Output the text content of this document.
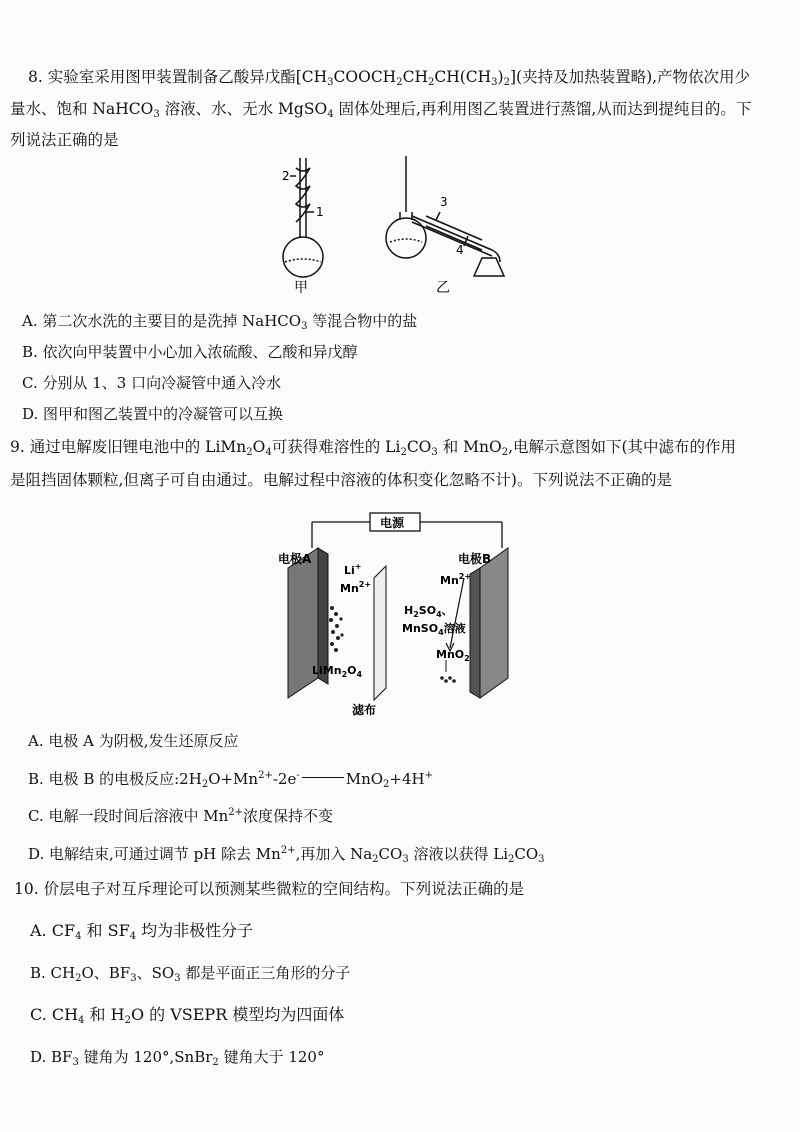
8. 实验室采用图甲装置制备乙酸异戊酯$[CH_3COOCH_2CH_2CH(CH_3)_2]$(夹持及加热装置略),产物依次用少
量水、饱和 NaHCO$_3$ 溶液、水、无水 MgSO$_4$ 固体处理后,再利用图乙装置进行蒸馏,从而达到提纯目的。下
列说法正确的是
2
1
3
4
甲	乙
A. 第二次水洗的主要目的是洗掉 NaHCO$_3$ 等混合物中的盐
B. 依次向甲装置中小心加入浓硫酸、乙酸和异戊醇
C. 分别从 1、3 口向冷凝管中通入冷水
D. 图甲和图乙装置中的冷凝管可以互换
9. 通过电解废旧锂电池中的 $LiMn_2O_4$可获得难溶性的 $Li_2CO_3$ 和 MnO$_2$,电解示意图如下(其中滤布的作用
是阻挡固体颗粒,但离子可自由通过。电解过程中溶液的体积变化忽略不计)。下列说法不正确的是
电源
电极A	电极B
Li+
$Mn^{2+}$	$Mn^{2+}$
$H_2SO_4$、
MnSO$_4$溶液
MnO$_2$
$LiMn_2O_4$
滤布
A. 电极 A 为阴极,发生还原反应
B. 电极 B 的电极反应$:2H_2O+Mn^{2+}-2e^-$	MnO$_2$+4H+
C. 电解一段时间后溶液中 $Mn^{2+}$浓度保持不变
D. 电解结束,可通过调节 pH 除去 $Mn^{2+}$,再加入 $Na_2CO_3$ 溶液以获得 $Li_2CO_3$
10. 价层电子对互斥理论可以预测某些微粒的空间结构。下列说法正确的是
A. $CF_4$ 和 $SF_4$ 均为非极性分子
B. $CH_2O$、$BF_3$、$SO_3$ 都是平面正三角形的分子
C. $CH_4$ 和 $H_2O$ 的 VSEPR 模型均为四面体
D. $BF_3$ 键角为 120°,SnBr$_2$ 键角大于 120°
